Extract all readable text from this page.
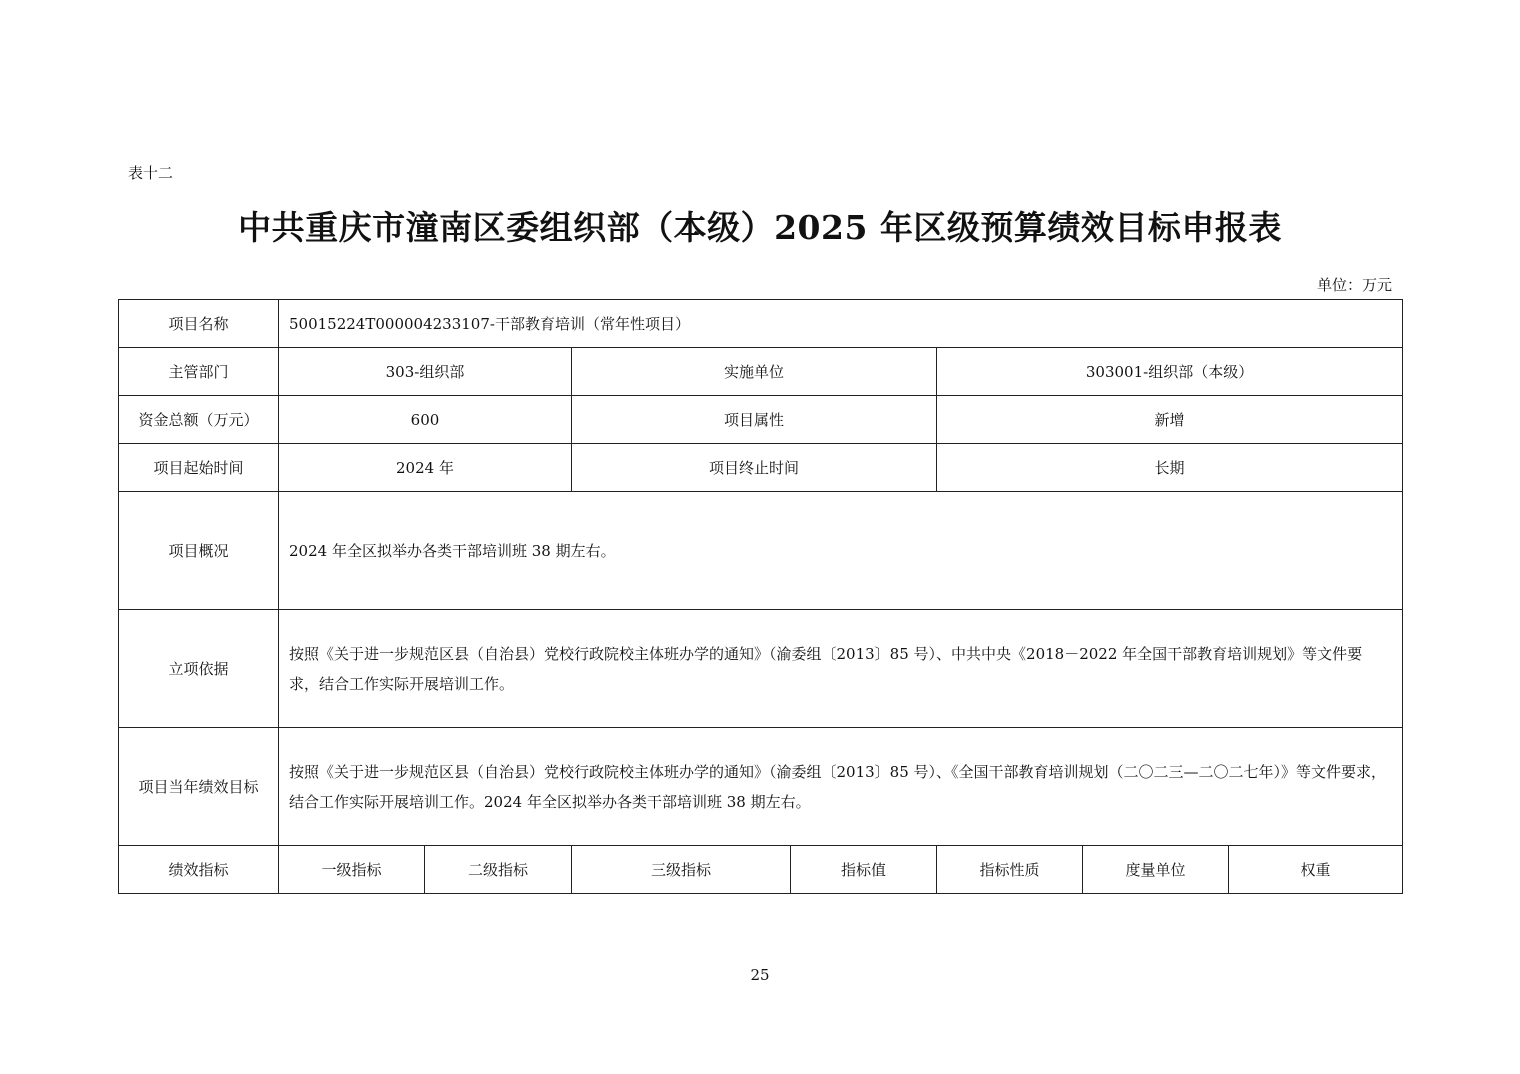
表十二
中共重庆市潼南区委组织部（本级）2025 年区级预算绩效目标申报表
单位：万元
项目名称	50015224T000004233107-干部教育培训（常年性项目）						
主管部门	303-组织部		实施单位		303001-组织部（本级）		
资金总额（万元）	600		项目属性		新增		
项目起始时间	2024 年		项目终止时间		长期		
项目概况	2024 年全区拟举办各类干部培训班 38 期左右。						
立项依据	按照《关于进一步规范区县（自治县）党校行政院校主体班办学的通知》（渝委组〔2013〕85 号）、中共中央《2018－2022 年全国干部教育培训规划》等文件要求，结合工作实际开展培训工作。						
项目当年绩效目标	按照《关于进一步规范区县（自治县）党校行政院校主体班办学的通知》（渝委组〔2013〕85 号）、《全国干部教育培训规划（二〇二三—二〇二七年）》等文件要求，结合工作实际开展培训工作。2024 年全区拟举办各类干部培训班 38 期左右。						
绩效指标	一级指标	二级指标	三级指标	指标值	指标性质	度量单位	权重
25
